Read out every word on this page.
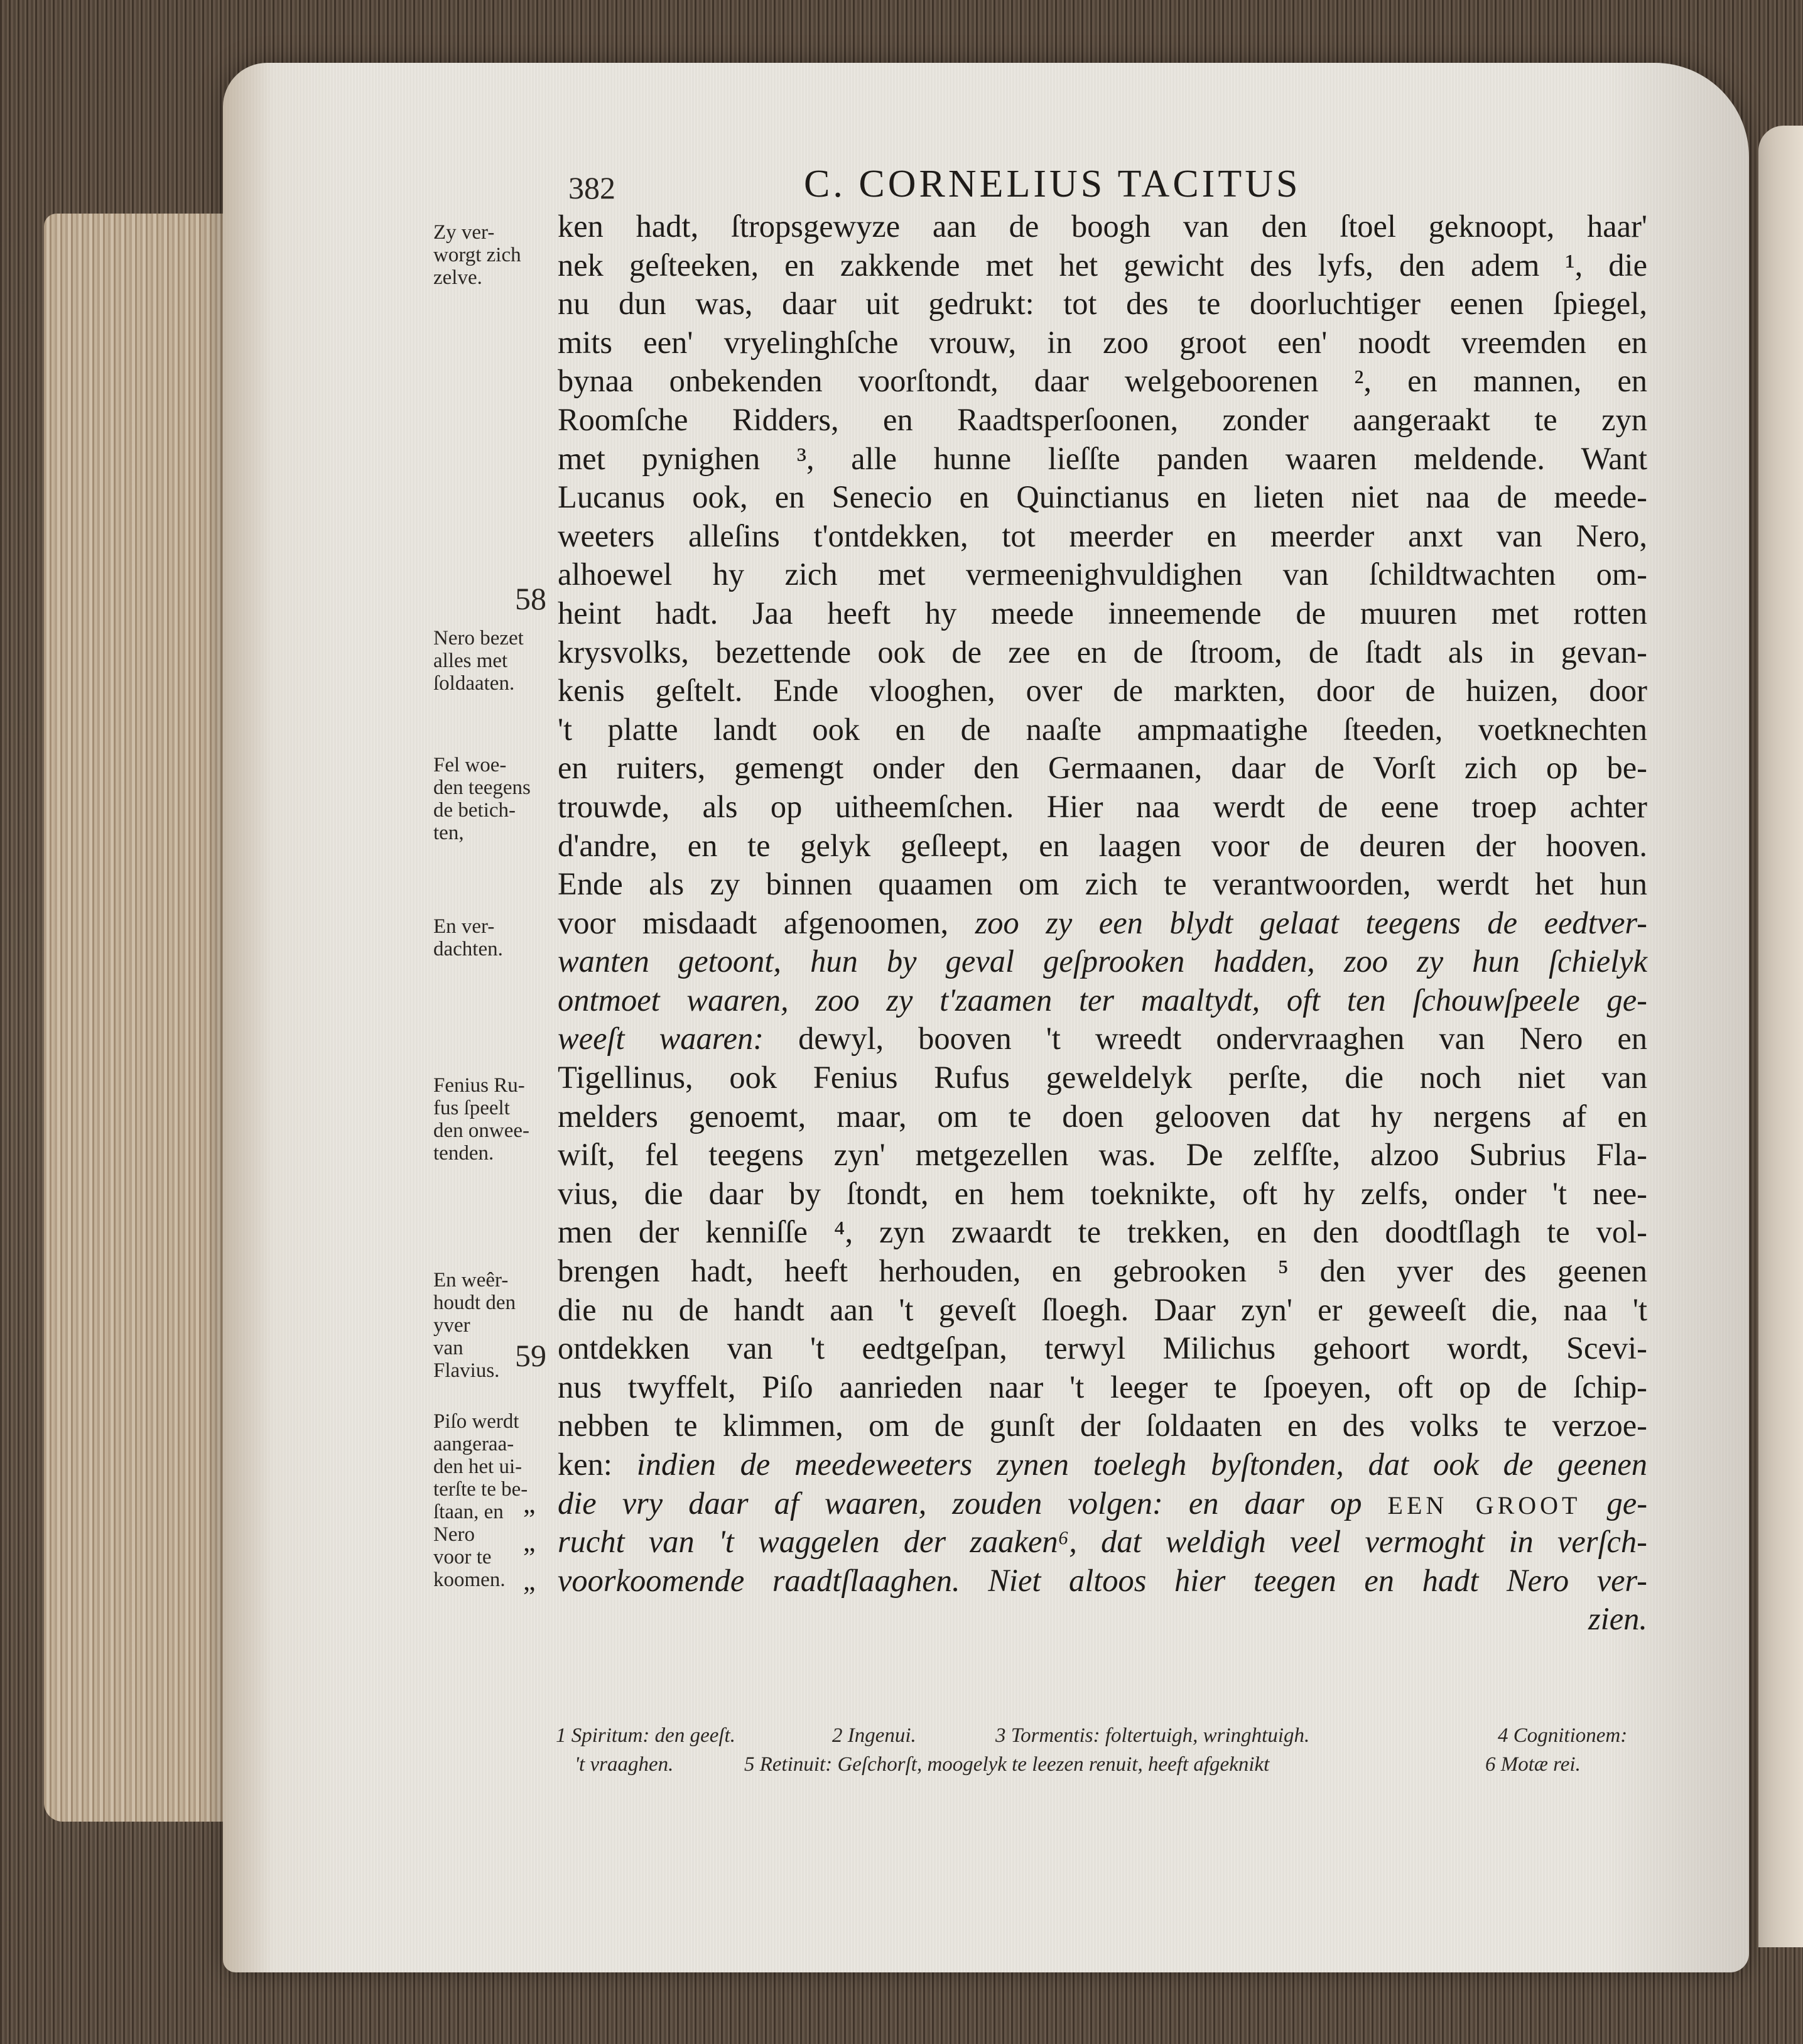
382	C. CORNELIUS TACITUS
Zy ver-
worgt zich
zelve.
58
Nero bezet
alles met
ſoldaaten.
Fel woe-
den teegens
de betich-
ten,
En ver-
dachten.
Fenius Ru-
fus ſpeelt
den onwee-
tenden.
En weêr-
houdt den
yver
van
Flavius. 59
Piſo werdt
aangeraa-
den het ui-
terſte te be-
ſtaan, en
Nero
voor te
koomen.
ken hadt, ſtropsgewyze aan de boogh van den ſtoel geknoopt, haar'
nek geſteeken, en zakkende met het gewicht des lyfs, den adem ¹, die
nu dun was, daar uit gedrukt: tot des te doorluchtiger eenen ſpiegel,
mits een' vryelinghſche vrouw, in zoo groot een' noodt vreemden en
bynaa onbekenden voorſtondt, daar welgeboorenen ², en mannen, en
Roomſche Ridders, en Raadtsperſoonen, zonder aangeraakt te zyn
met pynighen ³, alle hunne lieſſte panden waaren meldende. Want
Lucanus ook, en Senecio en Quinctianus en lieten niet naa de meede-
weeters alleſins t'ontdekken, tot meerder en meerder anxt van Nero,
alhoewel hy zich met vermeenighvuldighen van ſchildtwachten om-
heint hadt. Jaa heeft hy meede inneemende de muuren met rotten
krysvolks, bezettende ook de zee en de ſtroom, de ſtadt als in gevan-
kenis geſtelt. Ende vlooghen, over de markten, door de huizen, door
't platte landt ook en de naaſte ampmaatighe ſteeden, voetknechten
en ruiters, gemengt onder den Germaanen, daar de Vorſt zich op be-
trouwde, als op uitheemſchen. Hier naa werdt de eene troep achter
d'andre, en te gelyk geſleept, en laagen voor de deuren der hooven.
Ende als zy binnen quaamen om zich te verantwoorden, werdt het hun
voor misdaadt afgenoomen, zoo zy een blydt gelaat teegens de eedtver-
wanten getoont, hun by geval geſprooken hadden, zoo zy hun ſchielyk
ontmoet waaren, zoo zy t'zaamen ter maaltydt, oft ten ſchouwſpeele ge-
weeſt waaren: dewyl, booven 't wreedt ondervraaghen van Nero en
Tigellinus, ook Fenius Rufus geweldelyk perſte, die noch niet van
melders genoemt, maar, om te doen gelooven dat hy nergens af en
wiſt, fel teegens zyn' metgezellen was. De zelfſte, alzoo Subrius Fla-
vius, die daar by ſtondt, en hem toeknikte, oft hy zelfs, onder 't nee-
men der kenniſſe ⁴, zyn zwaardt te trekken, en den doodtſlagh te vol-
brengen hadt, heeft herhouden, en gebrooken ⁵ den yver des geenen
die nu de handt aan 't geveſt ſloegh. Daar zyn' er geweeſt die, naa 't
ontdekken van 't eedtgeſpan, terwyl Milichus gehoort wordt, Scevi-
nus twyffelt, Piſo aanrieden naar 't leeger te ſpoeyen, oft op de ſchip-
nebben te klimmen, om de gunſt der ſoldaaten en des volks te verzoe-
ken: indien de meedeweeters zynen toelegh byſtonden, dat ook de geenen
„ die vry daar af waaren, zouden volgen: en daar op EEN GROOT ge-
„ rucht van 't waggelen der zaaken⁶, dat weldigh veel vermoght in verſch-
„ voorkoomende raadtſlaaghen. Niet altoos hier teegen en hadt Nero ver-
zien.
1 Spiritum: den geeſt.	2 Ingenui.	3 Tormentis: foltertuigh, wringhtuigh.	4 Cognitionem:
't vraaghen.	5 Retinuit: Geſchorſt, moogelyk te leezen renuit, heeft afgeknikt	6 Motæ rei.
